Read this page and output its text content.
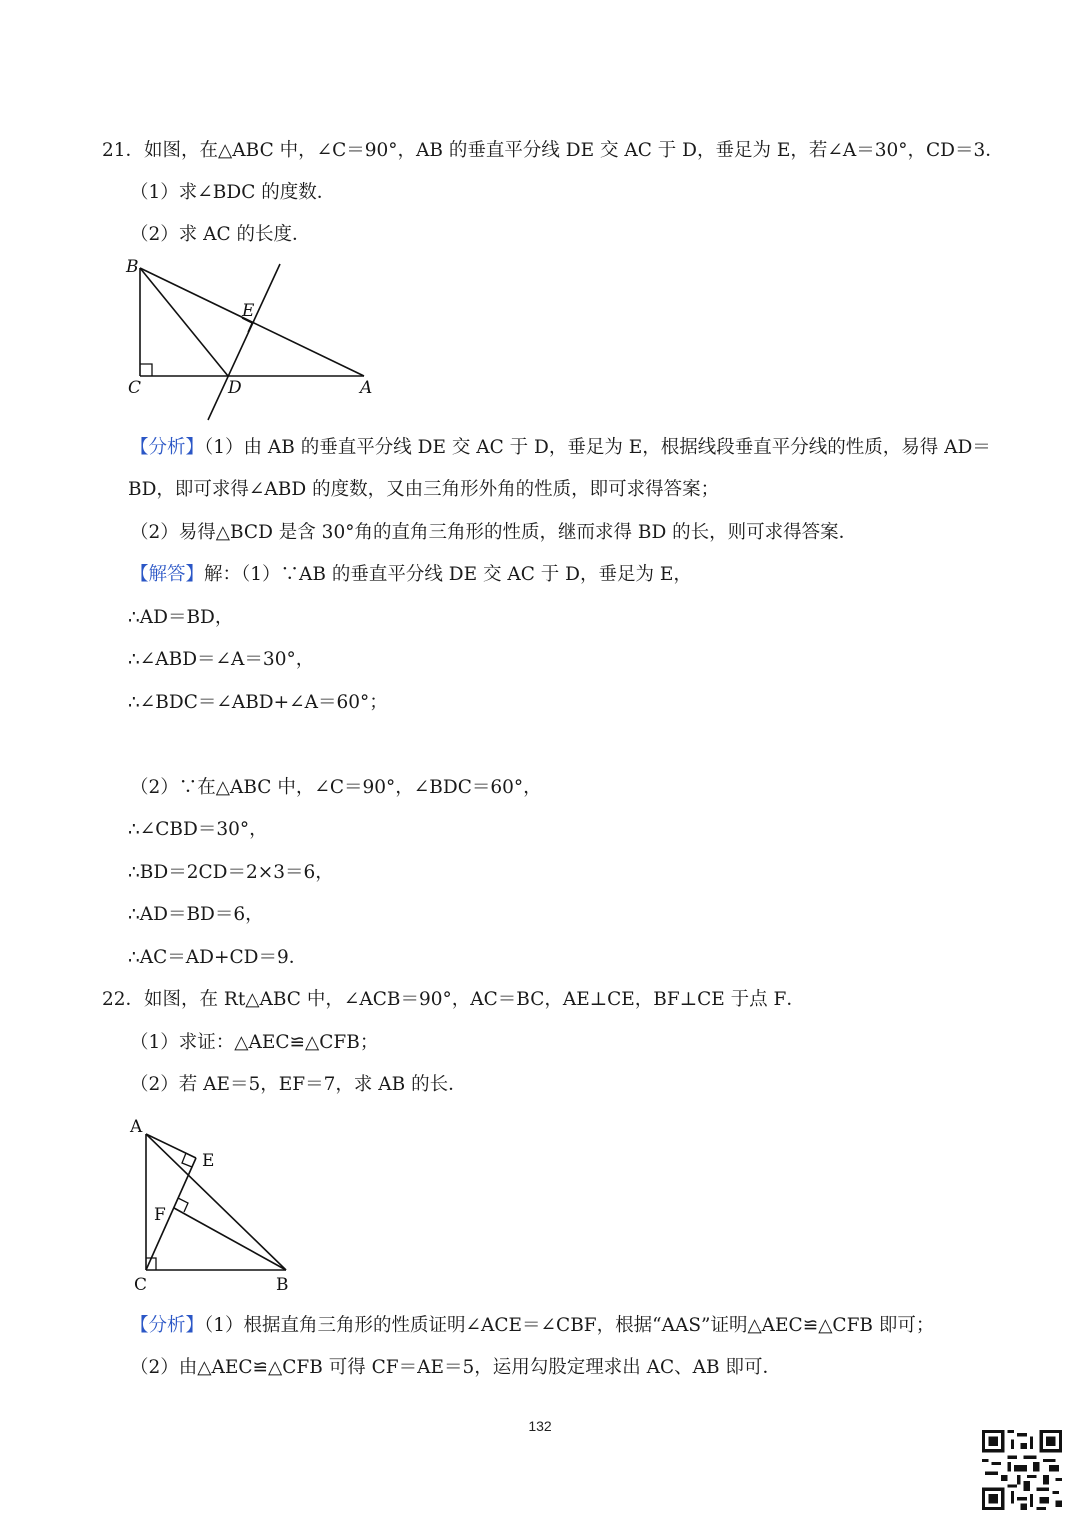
21．如图，在△ABC 中，∠C＝90°，AB 的垂直平分线 DE 交 AC 于 D，垂足为 E，若∠A＝30°，CD＝3．
（1）求∠BDC 的度数．
（2）求 AC 的长度．
B
E
C	D	A
【分析】（1）由 AB 的垂直平分线 DE 交 AC 于 D，垂足为 E，根据线段垂直平分线的性质，易得 AD＝
BD，即可求得∠ABD 的度数，又由三角形外角的性质，即可求得答案；
（2）易得△BCD 是含 30°角的直角三角形的性质，继而求得 BD 的长，则可求得答案．
【解答】解：（1）∵AB 的垂直平分线 DE 交 AC 于 D，垂足为 E，
∴AD＝BD，
∴∠ABD＝∠A＝30°，
∴∠BDC＝∠ABD+∠A＝60°；
（2）∵在△ABC 中，∠C＝90°，∠BDC＝60°，
∴∠CBD＝30°，
∴BD＝2CD＝2×3＝6，
∴AD＝BD＝6，
∴AC＝AD+CD＝9．
22．如图，在 Rt△ABC 中，∠ACB＝90°，AC＝BC，AE⊥CE，BF⊥CE 于点 F．
（1）求证：△AEC≌△CFB；
（2）若 AE＝5，EF＝7，求 AB 的长．
A
E
F
C	B
【分析】（1）根据直角三角形的性质证明∠ACE＝∠CBF，根据“AAS”证明△AEC≌△CFB 即可；
（2）由△AEC≌△CFB 可得 CF＝AE＝5，运用勾股定理求出 AC、AB 即可．
132
